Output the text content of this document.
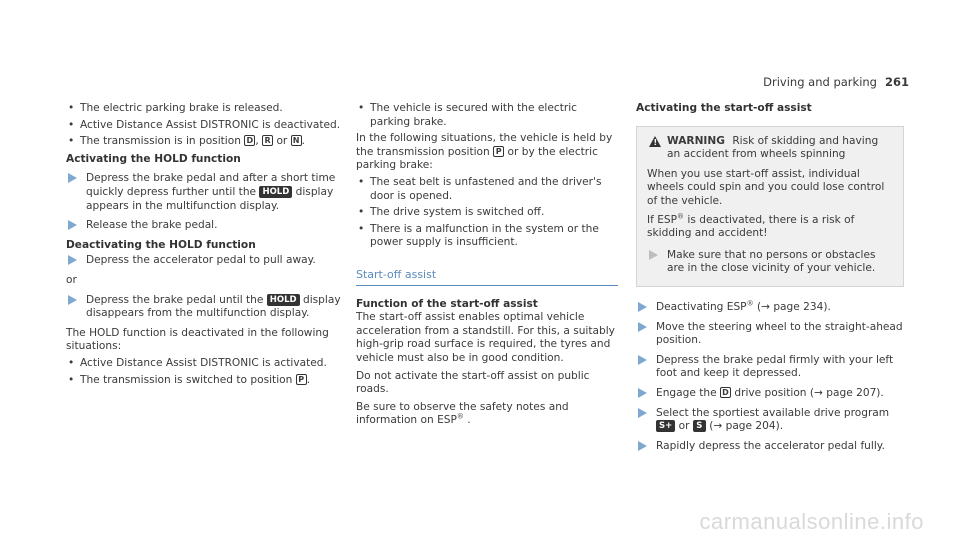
Driving and parking 261
• The electric parking brake is released.
• Active Distance Assist DISTRONIC is deactivated.
• The transmission is in position D , R or N .
Activating the HOLD function
Depress the brake pedal and after a short time quickly depress further until the HOLD display appears in the multifunction display.
Release the brake pedal.
Deactivating the HOLD function
Depress the accelerator pedal to pull away.

or

Depress the brake pedal until the HOLD display disappears from the multifunction display.

The HOLD function is deactivated in the following situations:

• Active Distance Assist DISTRONIC is activated.
• The transmission is switched to position P .
• The vehicle is secured with the electric parking brake.

In the following situations, the vehicle is held by the transmission position P or by the electric parking brake:

• The seat belt is unfastened and the driver's door is opened.
• The drive system is switched off.
• There is a malfunction in the system or the power supply is insufficient.
Start-off assist
Function of the start-off assist

The start-off assist enables optimal vehicle acceleration from a standstill. For this, a suitably high-grip road surface is required, the tyres and vehicle must also be in good condition.

Do not activate the start-off assist on public roads.

Be sure to observe the safety notes and information on ESP® .

Activating the start-off assist
! WARNING Risk of skidding and having an accident from wheels spinning

When you use start-off assist, individual wheels could spin and you could lose control of the vehicle.

If ESP® is deactivated, there is a risk of skidding and accident!

Make sure that no persons or obstacles are in the close vicinity of your vehicle.
Deactivating ESP® (→ page 234).
Move the steering wheel to the straight-ahead position.
Depress the brake pedal firmly with your left foot and keep it depressed.
Engage the D drive position (→ page 207).
Select the sportiest available drive program
S+ or S (→ page 204).
Rapidly depress the accelerator pedal fully.
carmanualsonline.info
